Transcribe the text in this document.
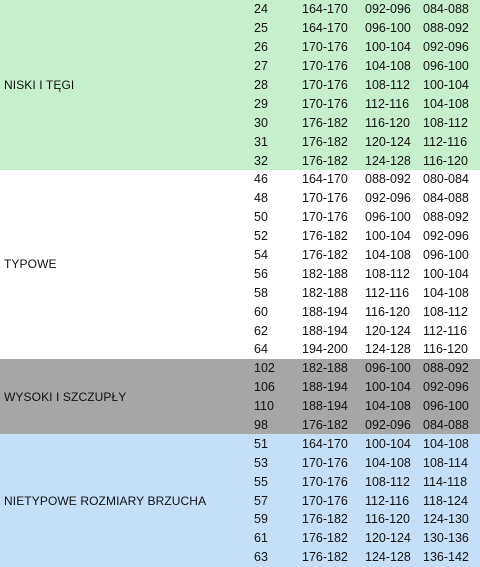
NISKI I TĘGI
24	164-170	092-096 084-088
25	164-170	096-100 088-092
26	170-176	100-104 092-096
27	170-176	104-108 096-100
28	170-176	108-112	100-104
29	170-176	112-116	104-108
30	176-182	116-120	108-112
31	176-182	120-124 112-116
32	176-182	124-128 116-120
TYPOWE
46	164-170	088-092 080-084
48	170-176	092-096 084-088
50	170-176	096-100 088-092
52	176-182	100-104 092-096
54	176-182	104-108 096-100
56	182-188	108-112	100-104
58	182-188	112-116	104-108
60	188-194	116-120	108-112
62	188-194	120-124 112-116
64	194-200	124-128 116-120
WYSOKI I SZCZUPŁY
102	182-188	096-100 088-092
106	188-194	100-104 092-096
110	188-194	104-108 096-100
98	176-182	092-096 084-088
NIETYPOWE ROZMIARY BRZUCHA
51	164-170	100-104 104-108
53	170-176	104-108 108-114
55	170-176	108-112	114-118
57	170-176	112-116	118-124
59	176-182	116-120	124-130
61	176-182	120-124 130-136
63	176-182	124-128 136-142
